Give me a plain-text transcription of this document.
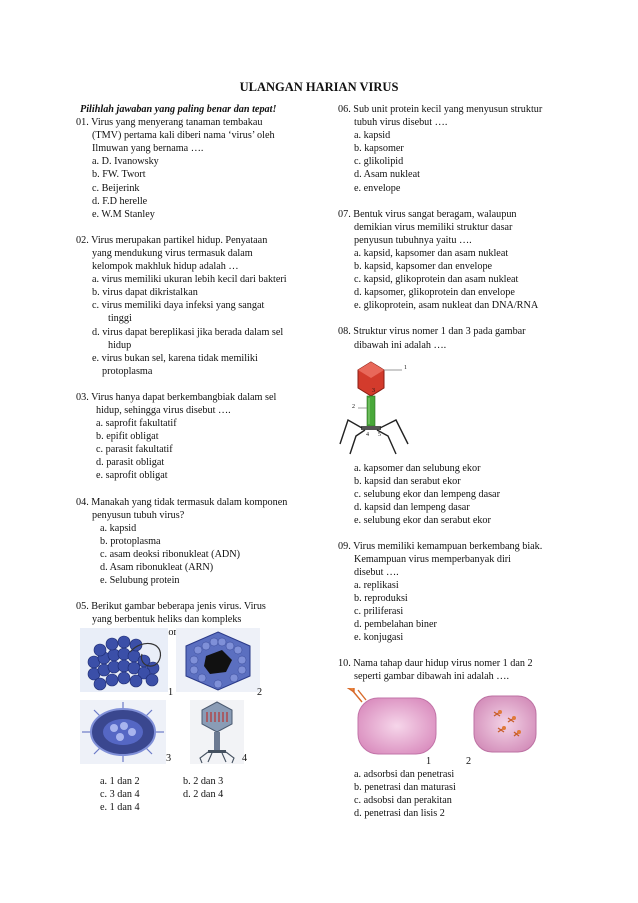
ULANGAN HARIAN VIRUS
Pilihlah jawaban yang paling benar dan tepat!
01. Virus yang menyerang tanaman tembakau
(TMV) pertama kali diberi nama ‘virus’ oleh
Ilmuwan yang bernama ….
a. D. Ivanowsky
b. FW. Twort
c. Beijerink
d. F.D herelle
e. W.M Stanley
02. Virus merupakan partikel hidup. Penyataan
yang mendukung virus termasuk dalam
kelompok makhluk hidup adalah …
a. virus memiliki ukuran lebih kecil dari bakteri
b. virus dapat dikristalkan
c. virus memiliki daya infeksi yang sangat
tinggi
d. virus dapat bereplikasi jika berada dalam sel
hidup
e. virus bukan sel, karena tidak memiliki
protoplasma
03. Virus hanya dapat berkembangbiak dalam sel
hidup, sehingga virus disebut ….
a. saprofit fakultatif
b. epifit obligat
c. parasit fakultatif
d. parasit obligat
e. saprofit obligat
04. Manakah yang tidak termasuk dalam komponen
penyusun tubuh virus?
a. kapsid
b. protoplasma
c. asam deoksi ribonukleat (ADN)
d. Asam ribonukleat (ARN)
e. Selubung protein
05. Berikut gambar beberapa jenis virus. Virus
yang berbentuk heliks dan kompleks
1	2
3	4
a. 1 dan 2	b. 2 dan 3
c. 3 dan 4	d. 2 dan 4
e. 1 dan 4
06. Sub unit protein kecil yang menyusun struktur
tubuh virus disebut ….
a. kapsid
b. kapsomer
c. glikolipid
d. Asam nukleat
e. envelope
07. Bentuk virus sangat beragam, walaupun
demikian virus memiliki struktur dasar
penyusun tubuhnya yaitu ….
a. kapsid, kapsomer dan asam nukleat
b. kapsid, kapsomer dan envelope
c. kapsid, glikoprotein dan asam nukleat
d. kapsomer, glikoprotein dan envelope
e. glikoprotein, asam nukleat dan DNA/RNA
08. Struktur virus nomer 1 dan 3 pada gambar
dibawah ini adalah ….
1
2
3
4 5
a. kapsomer dan selubung ekor
b. kapsid dan serabut ekor
c. selubung ekor dan lempeng dasar
d. kapsid dan lempeng dasar
e. selubung ekor dan serabut ekor
09. Virus memiliki kemampuan berkembang biak.
Kemampuan virus memperbanyak diri
disebut ….
a. replikasi
b. reproduksi
c. priliferasi
d. pembelahan biner
e. konjugasi
10. Nama tahap daur hidup virus nomer 1 dan 2
seperti gambar dibawah ini adalah ….
1	2
a. adsorbsi dan penetrasi
b. penetrasi dan maturasi
c. adsobsi dan perakitan
d. penetrasi dan lisis 2
